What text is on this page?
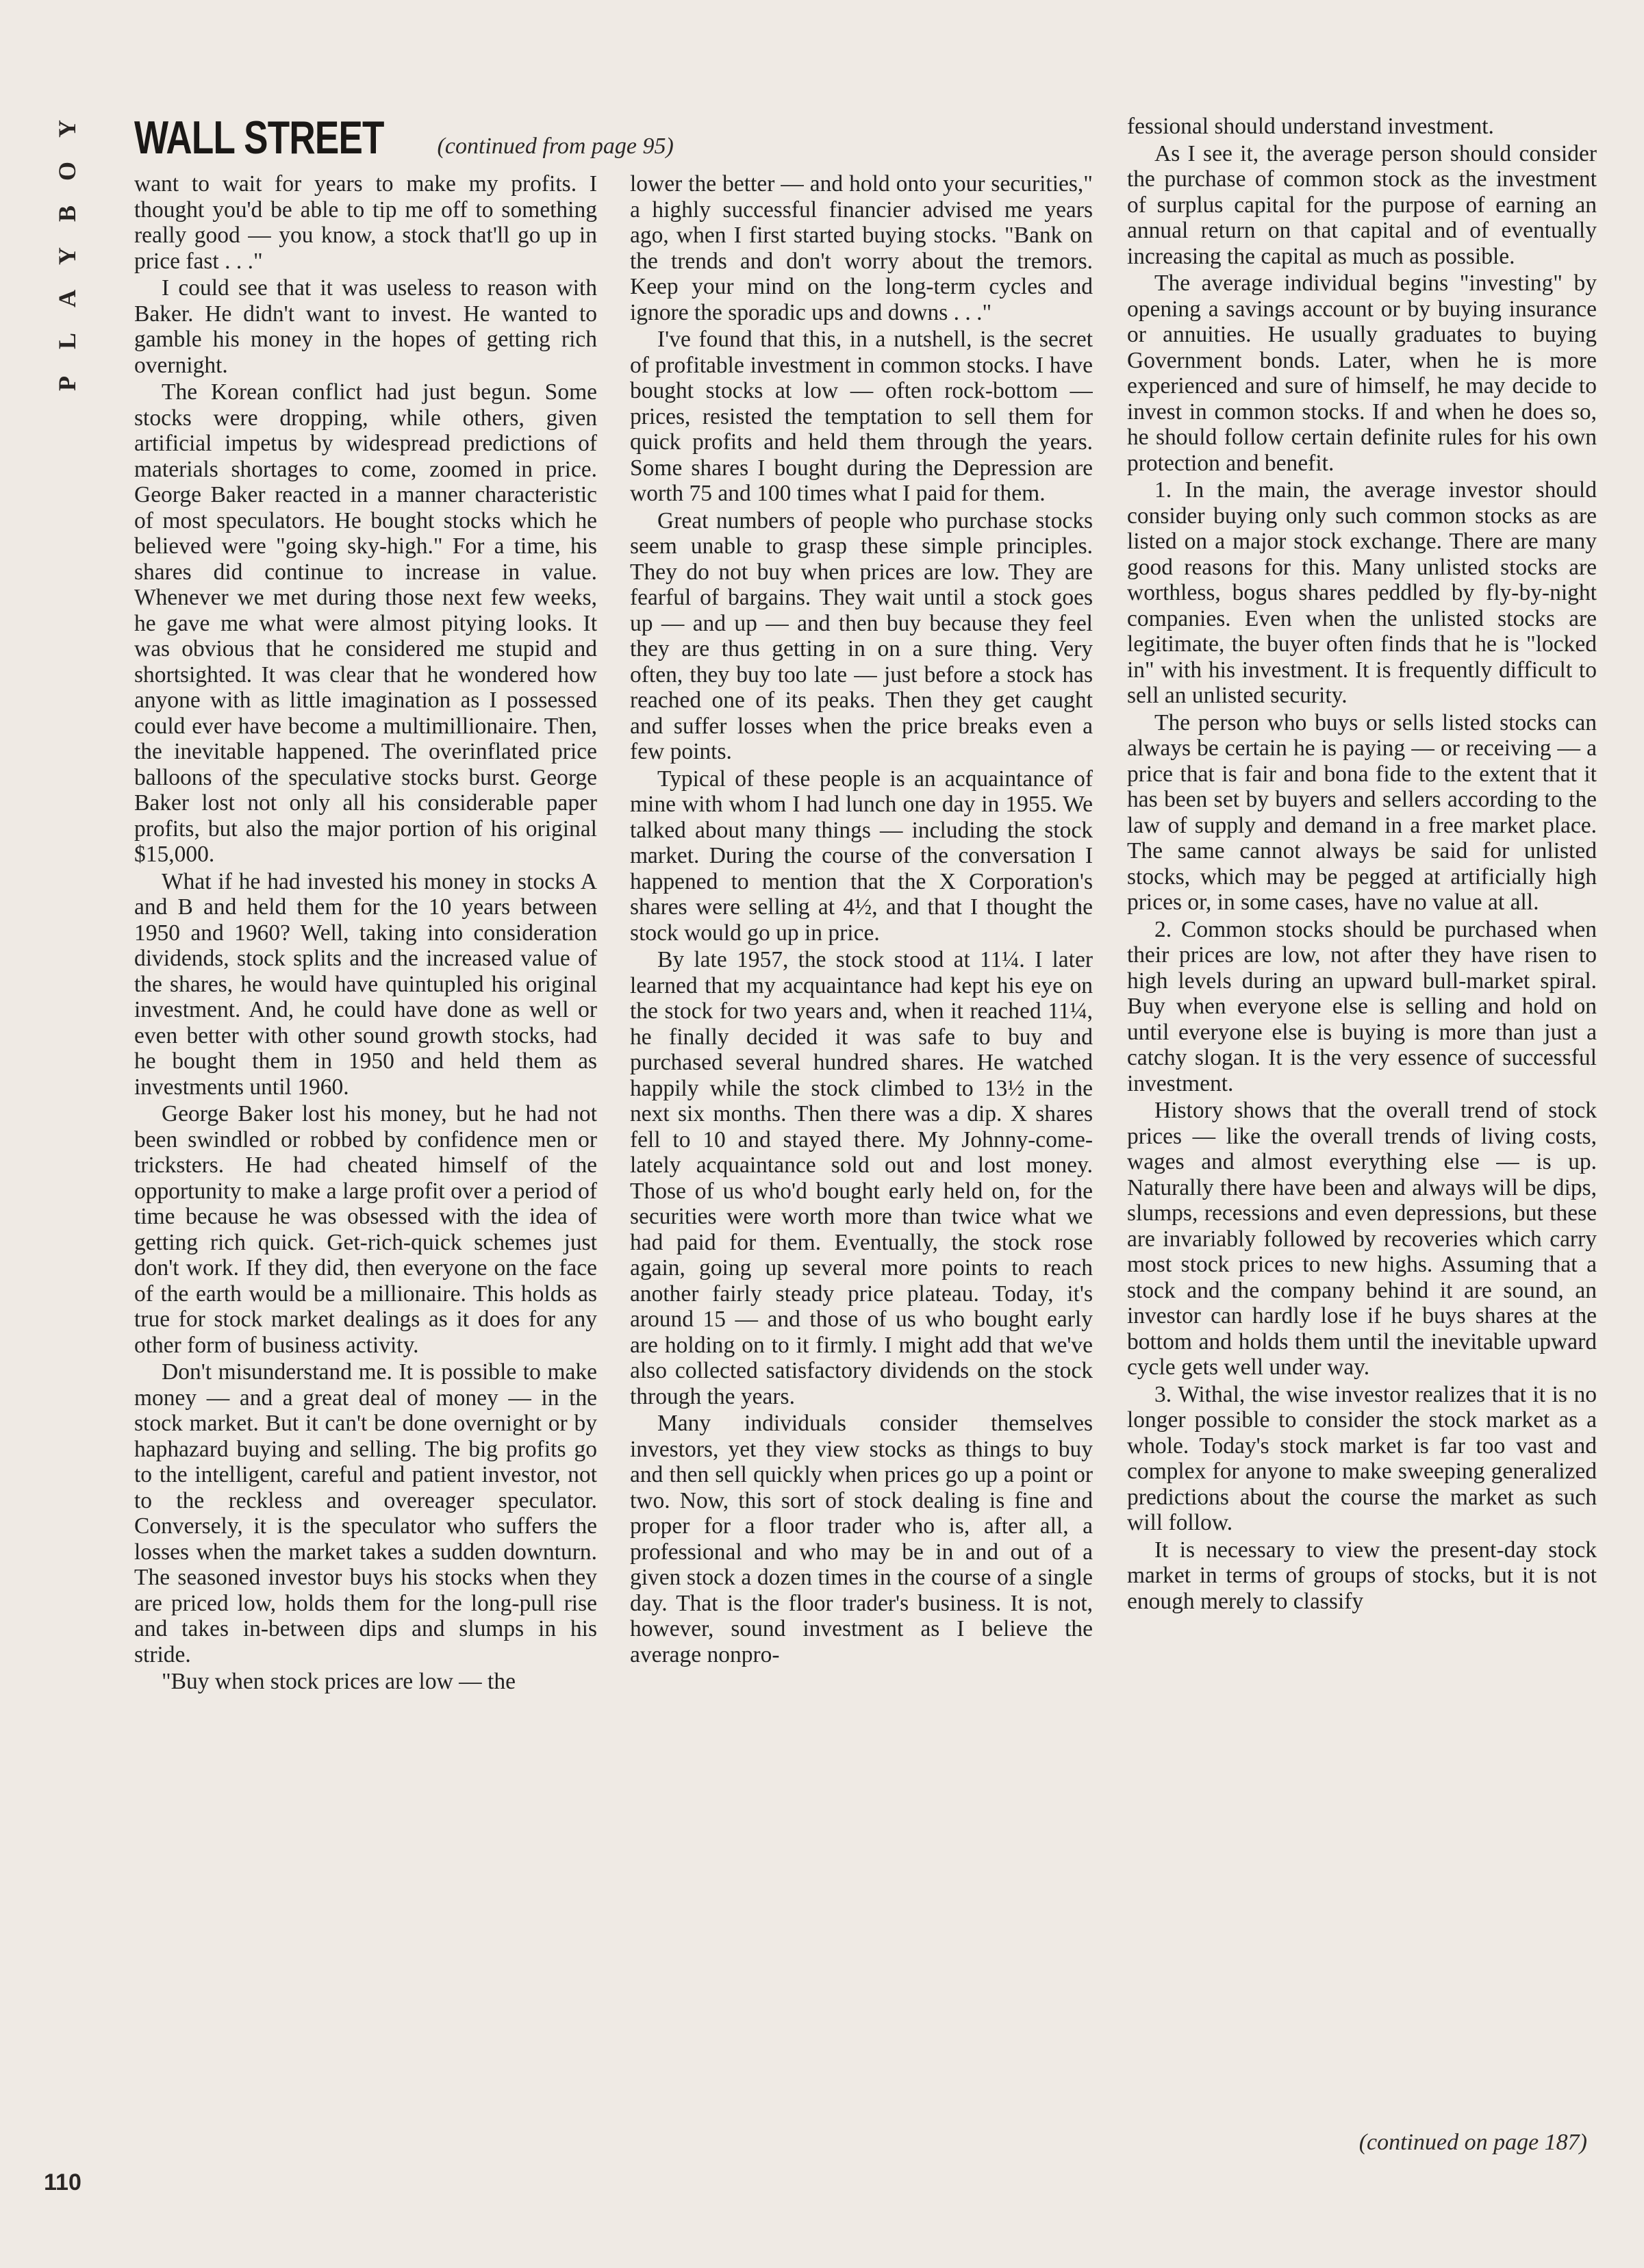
Y
O
B
Y
A
L
P
WALL STREET (continued from page 95)

want to wait for years to make my profits. I thought you'd be able to tip me off to something really good — you know, a stock that'll go up in price fast . . ."

I could see that it was useless to reason with Baker. He didn't want to invest. He wanted to gamble his money in the hopes of getting rich overnight.

The Korean conflict had just begun. Some stocks were dropping, while others, given artificial impetus by widespread predictions of materials shortages to come, zoomed in price. George Baker reacted in a manner characteristic of most speculators. He bought stocks which he believed were "going sky-high." For a time, his shares did continue to increase in value. Whenever we met during those next few weeks, he gave me what were almost pitying looks. It was obvious that he considered me stupid and shortsighted. It was clear that he wondered how anyone with as little imagination as I possessed could ever have become a multimillionaire. Then, the inevitable happened. The overinflated price balloons of the speculative stocks burst. George Baker lost not only all his considerable paper profits, but also the major portion of his original $15,000.

What if he had invested his money in stocks A and B and held them for the 10 years between 1950 and 1960? Well, taking into consideration dividends, stock splits and the increased value of the shares, he would have quintupled his original investment. And, he could have done as well or even better with other sound growth stocks, had he bought them in 1950 and held them as investments until 1960.

George Baker lost his money, but he had not been swindled or robbed by confidence men or tricksters. He had cheated himself of the opportunity to make a large profit over a period of time because he was obsessed with the idea of getting rich quick. Get-rich-quick schemes just don't work. If they did, then everyone on the face of the earth would be a millionaire. This holds as true for stock market dealings as it does for any other form of business activity.

Don't misunderstand me. It is possible to make money — and a great deal of money — in the stock market. But it can't be done overnight or by haphazard buying and selling. The big profits go to the intelligent, careful and patient investor, not to the reckless and overeager speculator. Conversely, it is the speculator who suffers the losses when the market takes a sudden downturn. The seasoned investor buys his stocks when they are priced low, holds them for the long-pull rise and takes in-between dips and slumps in his stride.

"Buy when stock prices are low — the

lower the better — and hold onto your securities," a highly successful financier advised me years ago, when I first started buying stocks. "Bank on the trends and don't worry about the tremors. Keep your mind on the long-term cycles and ignore the sporadic ups and downs . . ."

I've found that this, in a nutshell, is the secret of profitable investment in common stocks. I have bought stocks at low — often rock-bottom — prices, resisted the temptation to sell them for quick profits and held them through the years. Some shares I bought during the Depression are worth 75 and 100 times what I paid for them.

Great numbers of people who purchase stocks seem unable to grasp these simple principles. They do not buy when prices are low. They are fearful of bargains. They wait until a stock goes up — and up — and then buy because they feel they are thus getting in on a sure thing. Very often, they buy too late — just before a stock has reached one of its peaks. Then they get caught and suffer losses when the price breaks even a few points.

Typical of these people is an acquaintance of mine with whom I had lunch one day in 1955. We talked about many things — including the stock market. During the course of the conversation I happened to mention that the X Corporation's shares were selling at 4½, and that I thought the stock would go up in price.

By late 1957, the stock stood at 11¼. I later learned that my acquaintance had kept his eye on the stock for two years and, when it reached 11¼, he finally decided it was safe to buy and purchased several hundred shares. He watched happily while the stock climbed to 13½ in the next six months. Then there was a dip. X shares fell to 10 and stayed there. My Johnny-come-lately acquaintance sold out and lost money. Those of us who'd bought early held on, for the securities were worth more than twice what we had paid for them. Eventually, the stock rose again, going up several more points to reach another fairly steady price plateau. Today, it's around 15 — and those of us who bought early are holding on to it firmly. I might add that we've also collected satisfactory dividends on the stock through the years.

Many individuals consider themselves investors, yet they view stocks as things to buy and then sell quickly when prices go up a point or two. Now, this sort of stock dealing is fine and proper for a floor trader who is, after all, a professional and who may be in and out of a given stock a dozen times in the course of a single day. That is the floor trader's business. It is not, however, sound investment as I believe the average nonpro-

fessional should understand investment.

As I see it, the average person should consider the purchase of common stock as the investment of surplus capital for the purpose of earning an annual return on that capital and of eventually increasing the capital as much as possible.

The average individual begins "investing" by opening a savings account or by buying insurance or annuities. He usually graduates to buying Government bonds. Later, when he is more experienced and sure of himself, he may decide to invest in common stocks. If and when he does so, he should follow certain definite rules for his own protection and benefit.

1. In the main, the average investor should consider buying only such common stocks as are listed on a major stock exchange. There are many good reasons for this. Many unlisted stocks are worthless, bogus shares peddled by fly-by-night companies. Even when the unlisted stocks are legitimate, the buyer often finds that he is "locked in" with his investment. It is frequently difficult to sell an unlisted security.

The person who buys or sells listed stocks can always be certain he is paying — or receiving — a price that is fair and bona fide to the extent that it has been set by buyers and sellers according to the law of supply and demand in a free market place. The same cannot always be said for unlisted stocks, which may be pegged at artificially high prices or, in some cases, have no value at all.

2. Common stocks should be purchased when their prices are low, not after they have risen to high levels during an upward bull-market spiral. Buy when everyone else is selling and hold on until everyone else is buying is more than just a catchy slogan. It is the very essence of successful investment.

History shows that the overall trend of stock prices — like the overall trends of living costs, wages and almost everything else — is up. Naturally there have been and always will be dips, slumps, recessions and even depressions, but these are invariably followed by recoveries which carry most stock prices to new highs. Assuming that a stock and the company behind it are sound, an investor can hardly lose if he buys shares at the bottom and holds them until the inevitable upward cycle gets well under way.

3. Withal, the wise investor realizes that it is no longer possible to consider the stock market as a whole. Today's stock market is far too vast and complex for anyone to make sweeping generalized predictions about the course the market as such will follow.

It is necessary to view the present-day stock market in terms of groups of stocks, but it is not enough merely to classify

(continued on page 187)
110
